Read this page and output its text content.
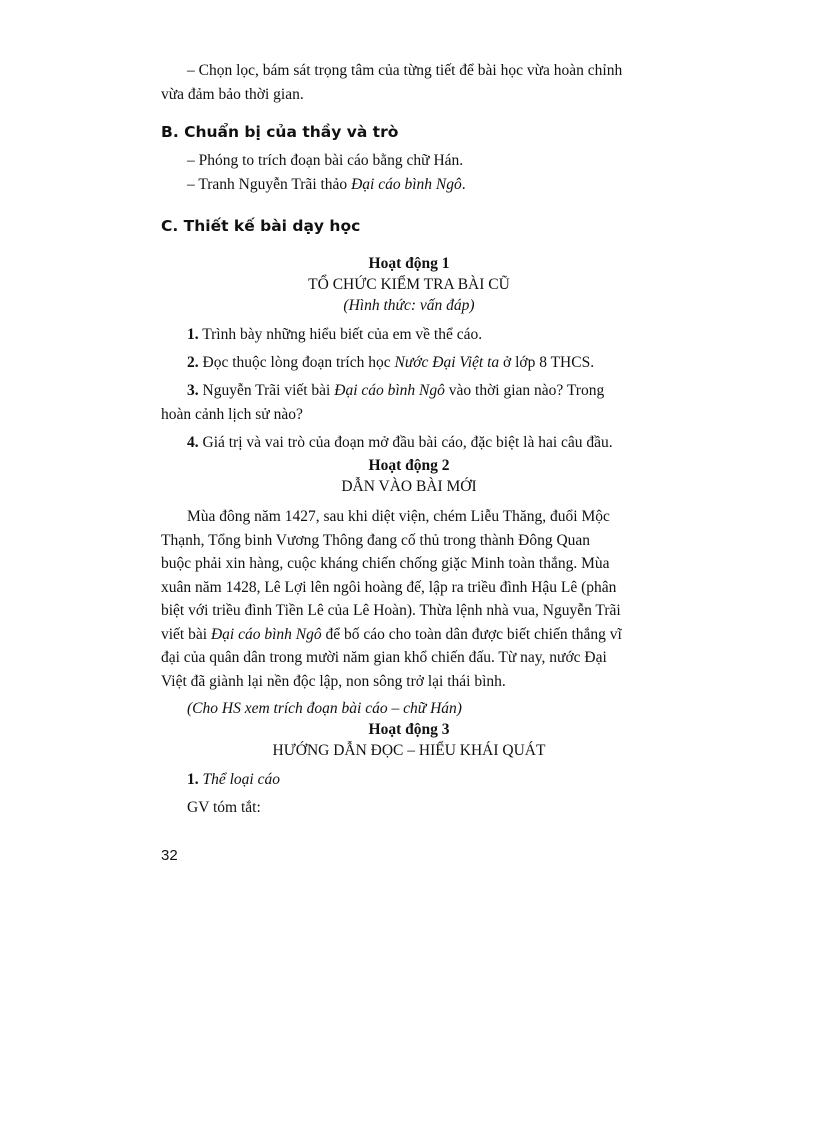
– Chọn lọc, bám sát trọng tâm của từng tiết để bài học vừa hoàn chỉnh

vừa đảm bảo thời gian.

B. Chuẩn bị của thầy và trò

– Phóng to trích đoạn bài cáo bằng chữ Hán.

– Tranh Nguyễn Trãi thảo Đại cáo bình Ngô.

C. Thiết kế bài dạy học

Hoạt động 1

TỔ CHỨC KIỂM TRA BÀI CŨ

(Hình thức: vấn đáp)

1. Trình bày những hiểu biết của em về thể cáo.

2. Đọc thuộc lòng đoạn trích học Nước Đại Việt ta ở lớp 8 THCS.

3. Nguyễn Trãi viết bài Đại cáo bình Ngô vào thời gian nào? Trong

hoàn cảnh lịch sử nào?

4. Giá trị và vai trò của đoạn mở đầu bài cáo, đặc biệt là hai câu đầu.

Hoạt động 2

DẪN VÀO BÀI MỚI

Mùa đông năm 1427, sau khi diệt viện, chém Liễu Thăng, đuổi Mộc

Thạnh, Tổng binh Vương Thông đang cố thủ trong thành Đông Quan

buộc phải xin hàng, cuộc kháng chiến chống giặc Minh toàn thắng. Mùa

xuân năm 1428, Lê Lợi lên ngôi hoàng đế, lập ra triều đình Hậu Lê (phân

biệt với triều đình Tiền Lê của Lê Hoàn). Thừa lệnh nhà vua, Nguyễn Trãi

viết bài Đại cáo bình Ngô để bố cáo cho toàn dân được biết chiến thắng vĩ

đại của quân dân trong mười năm gian khổ chiến đấu. Từ nay, nước Đại

Việt đã giành lại nền độc lập, non sông trở lại thái bình.

(Cho HS xem trích đoạn bài cáo – chữ Hán)

Hoạt động 3

HƯỚNG DẪN ĐỌC – HIỂU KHÁI QUÁT

1. Thể loại cáo

GV tóm tắt:

32
